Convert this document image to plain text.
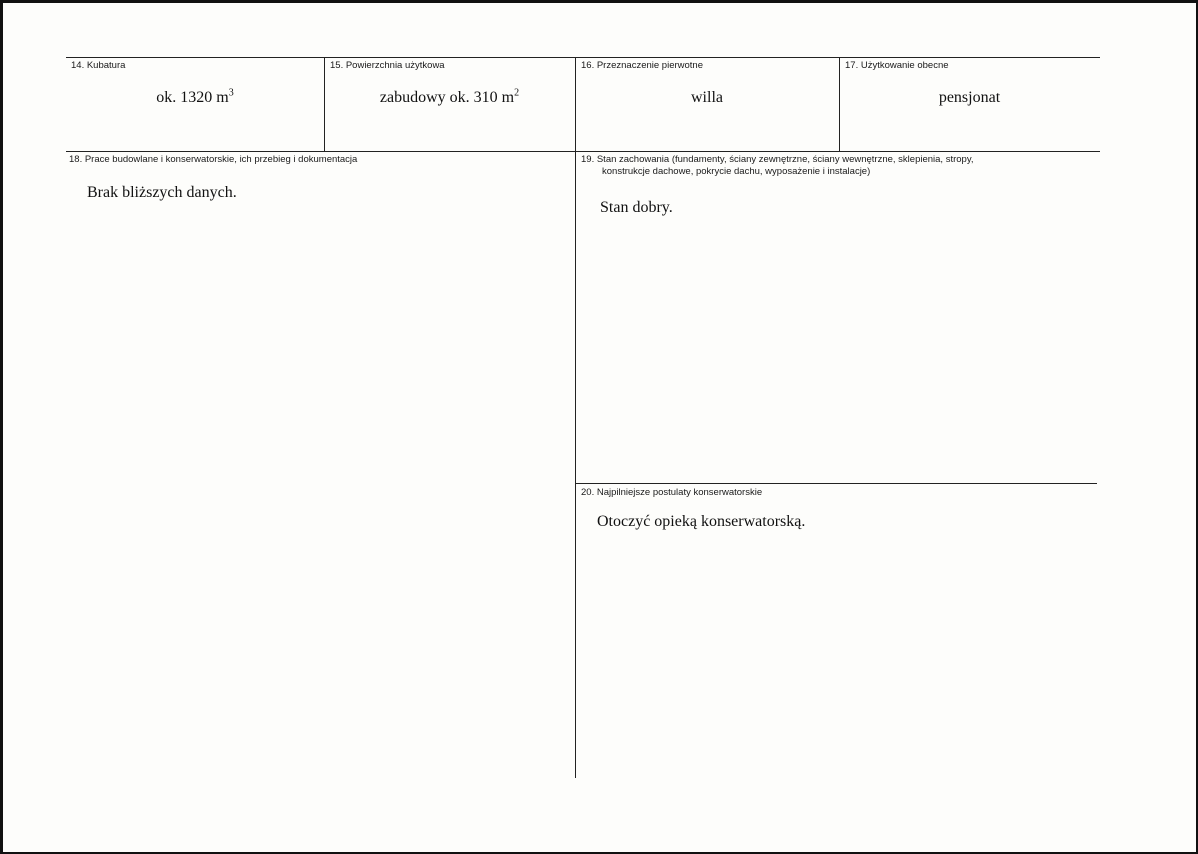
14. Kubatura
ok. 1320 $m^3$
15. Powierzchnia użytkowa
zabudowy ok. 310 $m^2$
16. Przeznaczenie pierwotne
willa
17. Użytkowanie obecne
pensjonat
18. Prace budowlane i konserwatorskie, ich przebieg i dokumentacja
Brak bliższych danych.
19. Stan zachowania (fundamenty, ściany zewnętrzne, ściany wewnętrzne, sklepienia, stropy,
konstrukcje dachowe, pokrycie dachu, wyposażenie i instalacje)
Stan dobry.
20. Najpilniejsze postulaty konserwatorskie
Otoczyć opieką konserwatorską.
